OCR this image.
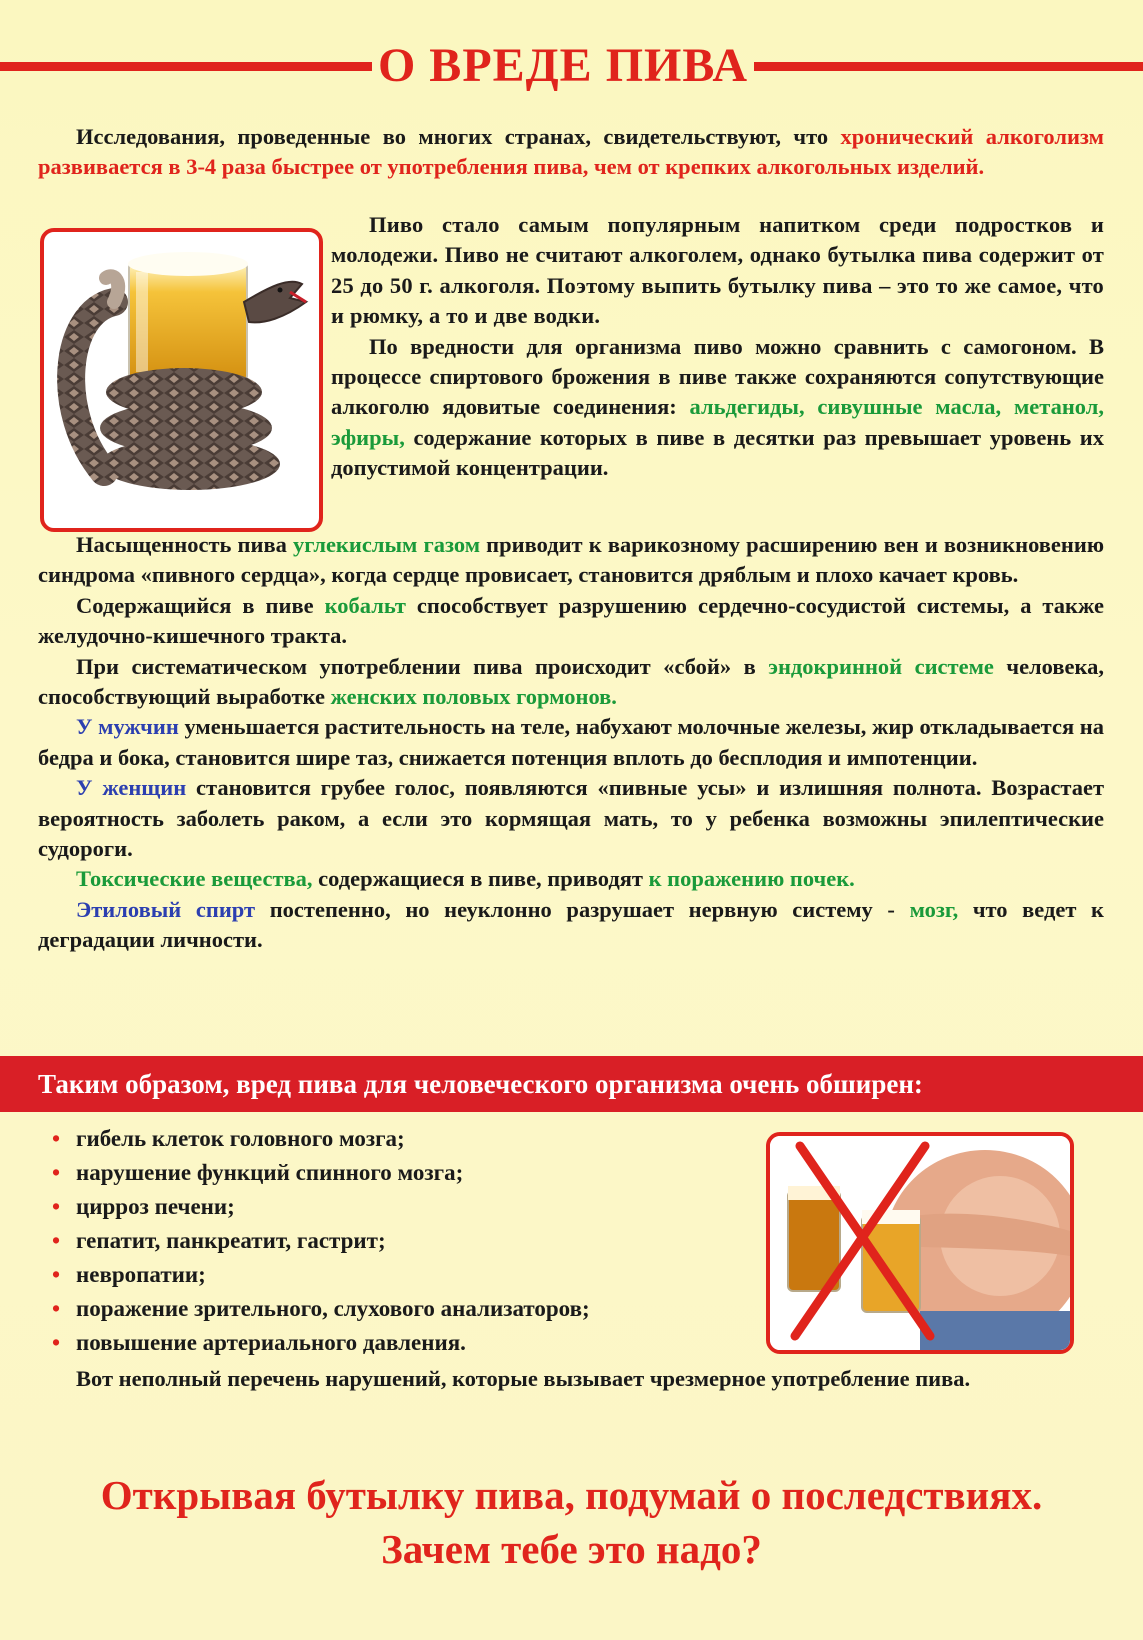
О ВРЕДЕ ПИВА

Исследования, проведенные во многих странах, свидетельствуют, что хронический алкоголизм развивается в 3-4 раза быстрее от употребления пива, чем от крепких алкогольных изделий.

Пиво стало самым популярным напитком среди подростков и молодежи. Пиво не считают алкоголем, однако бутылка пива содержит от 25 до 50 г. алкоголя. Поэтому выпить бутылку пива – это то же самое, что и рюмку, а то и две водки.

По вредности для организма пиво можно сравнить с самогоном. В процессе спиртового брожения в пиве также сохраняются сопутствующие алкоголю ядовитые соединения: альдегиды, сивушные масла, метанол, эфиры, содержание которых в пиве в десятки раз превышает уровень их допустимой концентрации.

Насыщенность пива углекислым газом приводит к варикозному расширению вен и возникновению синдрома «пивного сердца», когда сердце провисает, становится дряблым и плохо качает кровь.

Содержащийся в пиве кобальт способствует разрушению сердечно-сосудистой системы, а также желудочно-кишечного тракта.

При систематическом употреблении пива происходит «сбой» в эндокринной системе человека, способствующий выработке женских половых гормонов.

У мужчин уменьшается растительность на теле, набухают молочные железы, жир откладывается на бедра и бока, становится шире таз, снижается потенция вплоть до бесплодия и импотенции.

У женщин становится грубее голос, появляются «пивные усы» и излишняя полнота. Возрастает вероятность заболеть раком, а если это кормящая мать, то у ребенка возможны эпилептические судороги.

Токсические вещества, содержащиеся в пиве, приводят к поражению почек.

Этиловый спирт постепенно, но неуклонно разрушает нервную систему - мозг, что ведет к деградации личности.

Таким образом, вред пива для человеческого организма очень обширен:
• гибель клеток головного мозга;
• нарушение функций спинного мозга;
• цирроз печени;
• гепатит, панкреатит, гастрит;
• невропатии;
• поражение зрительного, слухового анализаторов;
• повышение артериального давления.

Вот неполный перечень нарушений, которые вызывает чрезмерное употребление пива.

Открывая бутылку пива, подумай о последствиях.
Зачем тебе это надо?
